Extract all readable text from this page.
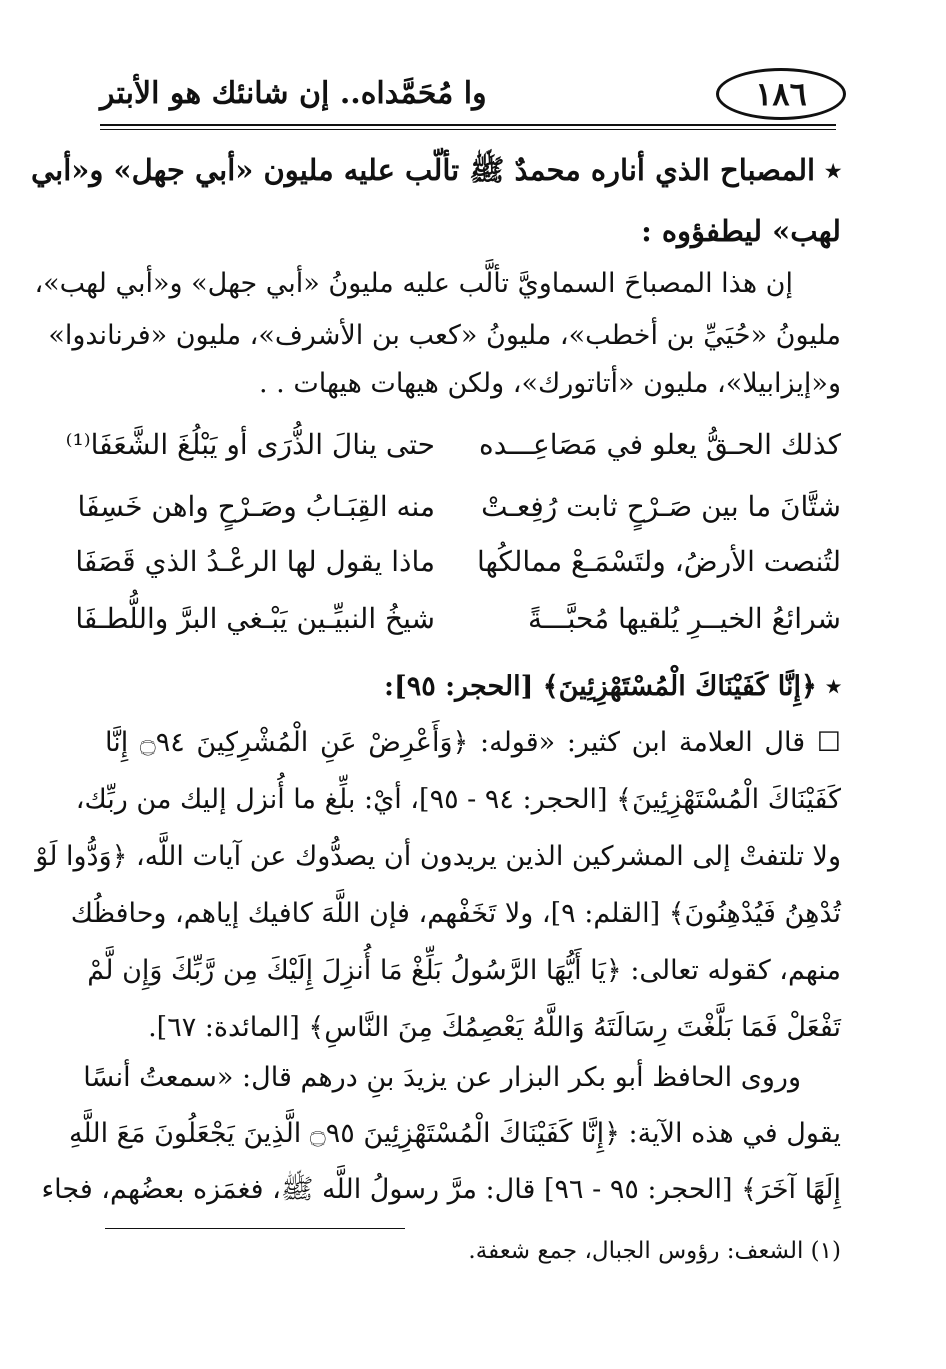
١٨٦
وا مُحَمَّداه.. إن شانئك هو الأبتر
٭ المصباح الذي أناره محمدٌ ﷺ تألّب عليه مليون «أبي جهل» و«أبي
لهب» ليطفؤوه :
إن هذا المصباحَ السماويَّ تألَّب عليه مليونُ «أبي جهل» و«أبي لهب»،
مليونُ «حُيَيِّ بن أخطب»، مليونُ «كعب بن الأشرف»، مليون «فرناندوا»
و«إيزابيلا»، مليون «أتاتورك»، ولكن هيهات هيهات . .
كذلك الحـقُّ يعلو في مَصَاعِـــده
حتى ينالَ الذُّرَى أو يَبْلُغَ الشَّعَفَا⁽¹⁾
شتَّانَ ما بين صَـرْحٍ ثابت رُفِعـتْ
منه القِبَـابُ وصَـرْحٍ واهن خَسِفَا
لتُنصت الأرضُ، ولتَسْمَـعْ ممالكُها
ماذا يقول لها الرعْـدُ الذي قَصَفَا
شرائعُ الخيــرِ يُلقيها مُحبَّـــةً
شيخُ النبيِّـين يَبْـغي البرَّ واللُّطـفَا
٭ ﴿إِنَّا كَفَيْنَاكَ الْمُسْتَهْزِئِينَ﴾ [الحجر: ٩٥]:
☐ قال العلامة ابن كثير: «قوله: ﴿وَأَعْرِضْ عَنِ الْمُشْرِكِينَ ۝٩٤ إِنَّا
كَفَيْنَاكَ الْمُسْتَهْزِئِينَ﴾ [الحجر: ٩٤ - ٩٥]، أيْ: بلِّغ ما أُنزل إليك من ربِّك،
ولا تلتفتْ إلى المشركين الذين يريدون أن يصدُّوك عن آيات اللَّه، ﴿وَدُّوا لَوْ
تُدْهِنُ فَيُدْهِنُونَ﴾ [القلم: ٩]، ولا تَخَفْهم، فإن اللَّهَ كافيك إياهم، وحافظُك
منهم، كقوله تعالى: ﴿يَا أَيُّهَا الرَّسُولُ بَلِّغْ مَا أُنزِلَ إِلَيْكَ مِن رَّبِّكَ وَإِن لَّمْ
تَفْعَلْ فَمَا بَلَّغْتَ رِسَالَتَهُ وَاللَّهُ يَعْصِمُكَ مِنَ النَّاسِ﴾ [المائدة: ٦٧].
وروى الحافظ أبو بكر البزار عن يزيدَ بنِ درهم قال: «سمعتُ أنسًا
يقول في هذه الآية: ﴿إِنَّا كَفَيْنَاكَ الْمُسْتَهْزِئِينَ ۝٩٥ الَّذِينَ يَجْعَلُونَ مَعَ اللَّهِ
إِلَهًا آخَرَ﴾ [الحجر: ٩٥ - ٩٦] قال: مرَّ رسولُ اللَّه ﷺ، فغمَزه بعضُهم، فجاء
(١) الشعف: رؤوس الجبال، جمع شعفة.
